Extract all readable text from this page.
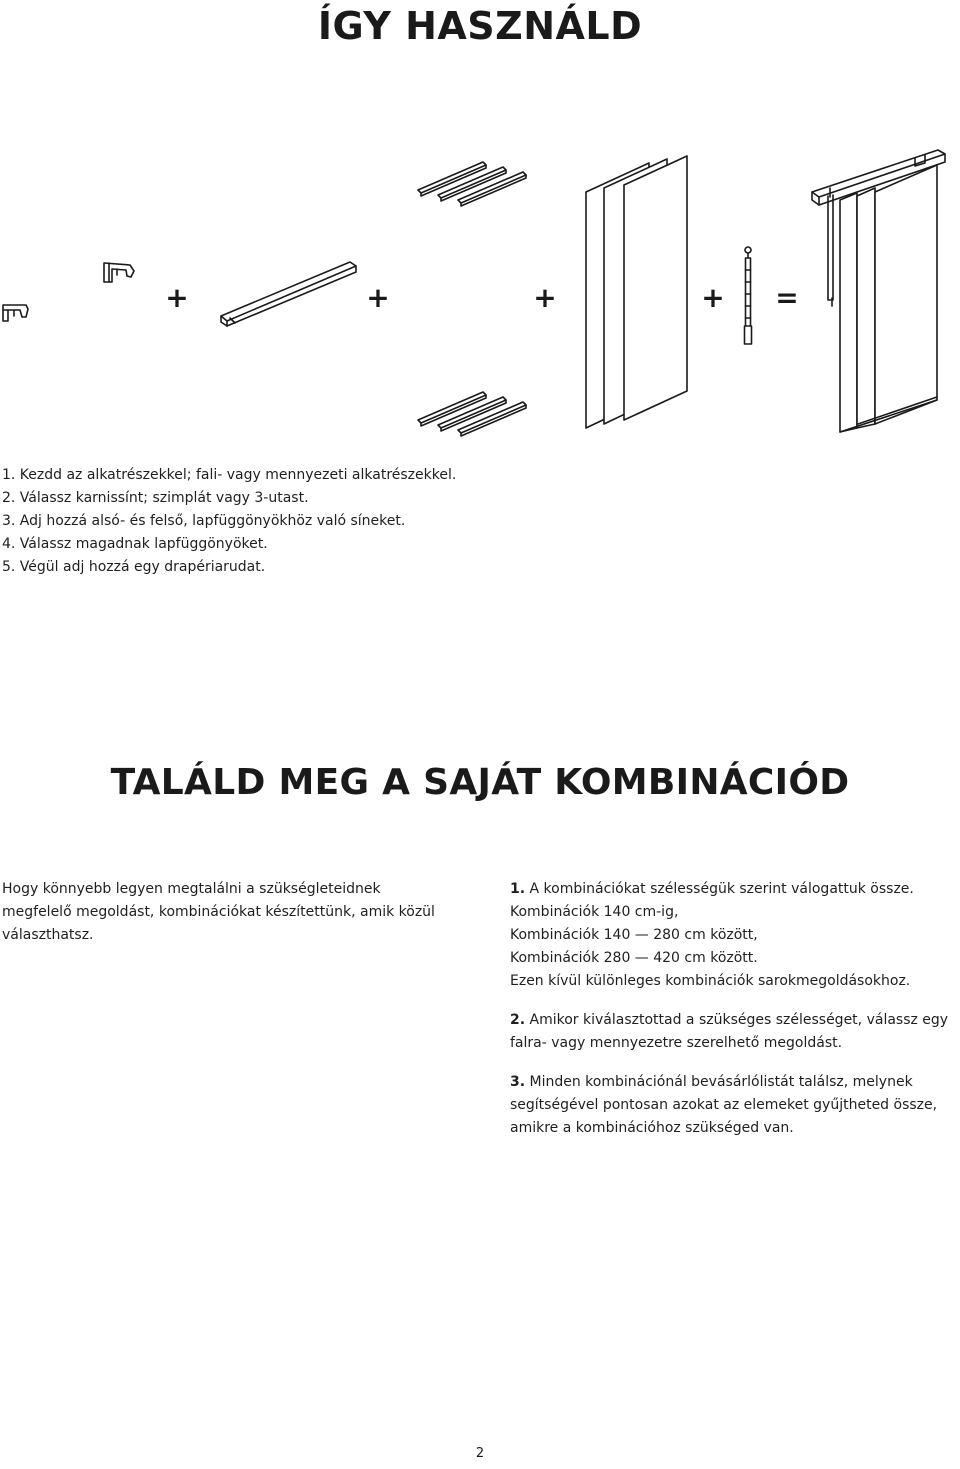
ÍGY HASZNÁLD
+	+	+	+ =
1. Kezdd az alkatrészekkel; fali- vagy mennyezeti alkatrészekkel.
2. Válassz karnissínt; szimplát vagy 3-utast.
3. Adj hozzá alsó- és felső, lapfüggönyökhöz való síneket.
4. Válassz magadnak lapfüggönyöket.
5. Végül adj hozzá egy drapériarudat.
TALÁLD MEG A SAJÁT KOMBINÁCIÓD

Hogy könnyebb legyen megtalálni a szükségleteidnek megfelelő megoldást, kombinációkat készítettünk, amik közül választhatsz.

1. A kombinációkat szélességük szerint válogattuk össze.
Kombinációk 140 cm-ig,
Kombinációk 140 — 280 cm között,
Kombinációk 280 — 420 cm között.
Ezen kívül különleges kombinációk sarokmegoldásokhoz.

2. Amikor kiválasztottad a szükséges szélességet, válassz egy falra- vagy mennyezetre szerelhető megoldást.

3. Minden kombinációnál bevásárlólistát találsz, melynek segítségével pontosan azokat az elemeket gyűjtheted össze, amikre a kombinációhoz szükséged van.

2
